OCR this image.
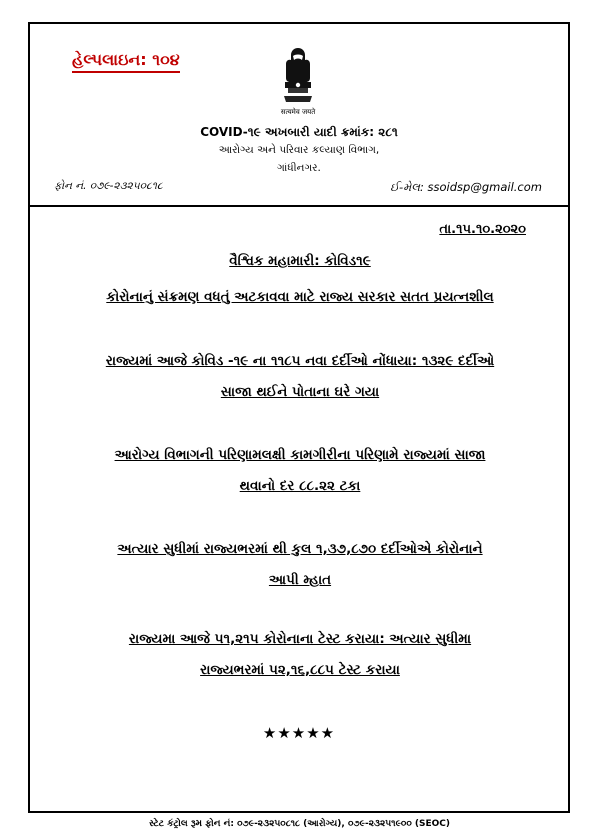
હેલ્પલાઇન: ૧૦૪
सत्यमेव जयते
COVID-૧૯ અખબારી યાદી ક્રમાંક: ૨૮૧
આરોગ્ય અને પરિવાર કલ્યાણ વિભાગ,
ગાંધીનગર.
ફોન નં. ૦૭૯-૨૩૨૫૦૮૧૮	ઈ-મેલ: ssoidsp@gmail.com
તા.૧૫.૧૦.૨૦૨૦
વૈશ્વિક મહામારી: કોવિડ૧૯
કોરોનાનું સંક્રમણ વધતું અટકાવવા માટે રાજ્ય સરકાર સતત પ્રયત્નશીલ
રાજ્યમાં આજે કોવિડ -૧૯ ના ૧૧૮૫ નવા દર્દીઓ નોંધાયા: ૧૩૨૯ દર્દીઓ
સાજા થઈને પોતાના ઘરે ગયા
આરોગ્ય વિભાગની પરિણામલક્ષી કામગીરીના પરિણામે રાજ્યમાં સાજા
થવાનો દર ૮૮.૨૨ ટકા
અત્યાર સુધીમાં રાજ્યભરમાં થી કુલ ૧,૩૭,૮૭૦ દર્દીઓએ કોરોનાને
આપી મ્હાત
રાજ્યમા આજે ૫૧,૨૧૫ કોરોનાના ટેસ્ટ કરાયા: અત્યાર સુધીમા
રાજ્યભરમાં ૫૨,૧૬,૮૮૫ ટેસ્ટ કરાયા
★★★★★
સ્ટેટ કંટ્રોલ રૂમ ફોન નં: ૦૭૯-૨૩૨૫૦૮૧૮ (આરોગ્ય), ૦૭૯-૨૩૨૫૧૯૦૦ (SEOC)
